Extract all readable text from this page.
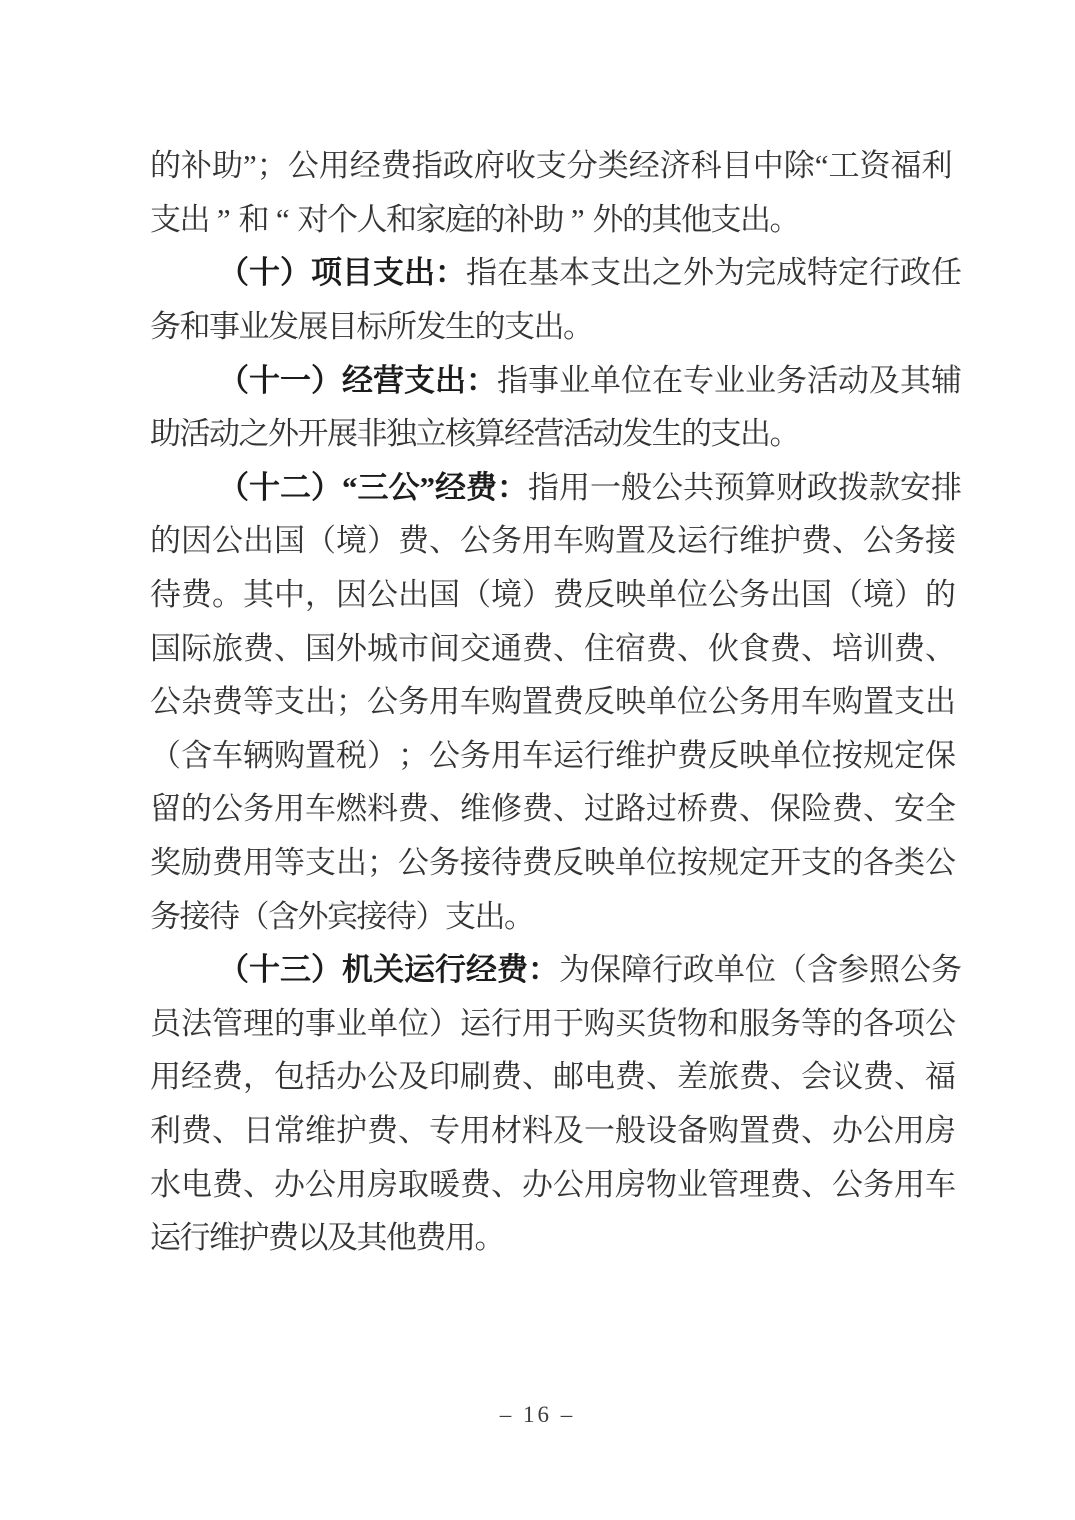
的 补 助 ” ； 公 用 经 费 指 政 府 收 支 分 类 经 济 科 目 中 除 “ 工 资 福 利
支
出 ” 和 “ 对
个
人
和
家
庭
的
补
助 ” 外
的
其
他
支
出
。
（ 十 ） 项 目 支 出 ： 指 在 基 本 支 出 之 外 为 完 成 特 定 行 政 任
务
和
事
业
发
展
目
标
所
发
生
的
支
出
。
（ 十 一 ） 经 营 支 出 ： 指 事 业 单 位 在 专 业 业 务 活 动 及 其 辅
助
活
动
之
外
开
展
非
独
立
核
算
经
营
活
动
发
生
的
支
出
。
（ 十 二 ） “ 三 公 ” 经 费 ： 指 用 一 般 公 共 预 算 财 政 拨 款 安 排
的 因 公 出 国 （ 境 ） 费 、 公 务 用 车 购 置 及 运 行 维 护 费 、 公 务 接
待 费 。 其 中 ， 因 公 出 国 （ 境 ） 费 反 映 单 位 公 务 出 国 （ 境 ） 的
国 际 旅 费 、 国 外 城 市 间 交 通 费 、 住 宿 费 、 伙 食 费 、 培 训 费 、
公 杂 费 等 支 出 ； 公 务 用 车 购 置 费 反 映 单 位 公 务 用 车 购 置 支 出
（ 含 车 辆 购 置 税 ） ； 公 务 用 车 运 行 维 护 费 反 映 单 位 按 规 定 保
留 的 公 务 用 车 燃 料 费 、 维 修 费 、 过 路 过 桥 费 、 保 险 费 、 安 全
奖 励 费 用 等 支 出 ； 公 务 接 待 费 反 映 单 位 按 规 定 开 支 的 各 类 公
务
接
待
（
含
外
宾
接
待
）
支
出
。
（ 十 三 ） 机 关 运 行 经 费 ： 为 保 障 行 政 单 位 （ 含 参 照 公 务
员 法 管 理 的 事 业 单 位 ） 运 行 用 于 购 买 货 物 和 服 务 等 的 各 项 公
用 经 费 ， 包 括 办 公 及 印 刷 费 、 邮 电 费 、 差 旅 费 、 会 议 费 、 福
利 费 、 日 常 维 护 费 、 专 用 材 料 及 一 般 设 备 购 置 费 、 办 公 用 房
水 电 费 、 办 公 用 房 取 暖 费 、 办 公 用 房 物 业 管 理 费 、 公 务 用 车
运
行
维
护
费
以
及
其
他
费
用
。
– 16 –
